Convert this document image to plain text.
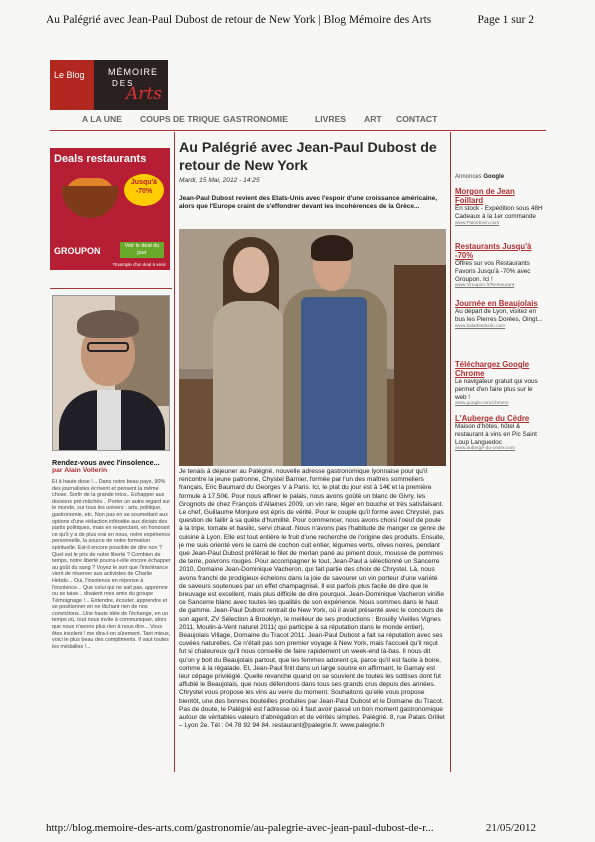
Au Palégrié avec Jean-Paul Dubost de retour de New York | Blog Mémoire des Arts	Page 1 sur 2
Le Blog	MÉMOIRE
DES
Arts
A LA UNE COUPS DE TRIQUE GASTRONOMIE	LIVRES ART CONTACT
Deals restaurants
Jusqu'à -70%
GROUPON	Voir le deal du jour
*Exemple d'un deal à venir
Rendez-vous avec l'insolence...
par Alain Vollerin
Et à haute dose !... Dans notre beau pays, 90% des journalistes écrivent et pensent la même chose. Sortir de la grande intox.. Echapper aux dossiers pré-mâchés... Porter un autre regard sur le monde, sur tous les univers : arts, politique, gastronomie, etc. Non pas en se soumettant aux options d'une rédaction inféodée aux dictats des partis politiques, mais en respectant, en honorant ce qu'il y a de plus vrai en nous, notre expérience personnelle, la source de notre formation spirituelle. Est-il encore possible de dire non ? Quel est le prix de notre liberté ? Combien de temps, notre liberté pourra-t-elle encore échapper au goût du sang ? Voyez le sort que l'intolérance vient de réserver aux activistes de Charlie Hebdo... Oui, l'insolence en réponse à l'insolence... Que celui qui ne sait pas, apprenne ou se taise... disaient mes amis du groupe Témoignage !... Entendre, écouter, apprendre et se positionner en ne lâchant rien de nos convictions...Une haute idée de l'échange, en un temps où, tout nous invite à communiquer, alors que nous n'avons plus rien à nous dire... Vous êtes insolent ! me dira-t-on sûrement. Tant mieux, voici le plus beau des compliments. Il vaut toutes les médailles !...
Au Palégrié avec Jean-Paul Dubost de retour de New York
Mardi, 15 Mai, 2012 - 14:25
Jean-Paul Dubost revient des Etats-Unis avec l'espoir d'une croissance américaine, alors que l'Europe craint de s'effondrer devant les incohérences de la Grèce...
Je tenais à déjeuner au Palégrié, nouvelle adresse gastronomique lyonnaise pour qu'il rencontre la jeune patronne, Chystel Barnier, formée par l'un des maîtres sommeliers français, Eric Baumard du Georges V à Paris. Ici, le plat du jour est à 14€ et la première formule à 17,50€. Pour nous affiner le palais, nous avons goûté un blanc de Givry, les Grognots de chez François d'Allaines 2009, un vin rare, léger en bouche et très satisfaisant. Le chef, Guillaume Monjure est épris de vérité. Pour le couple qu'il forme avec Chrystel, pas question de faillir à sa quête d'humilité. Pour commencer, nous avons choisi l'oeuf de poule à la tripe, tomate et basilic, servi chaud. Nous n'avons pas l'habitude de manger ce genre de cuisine à Lyon. Elle est tout entière le fruit d'une recherche de l'origine des produits. Ensuite, je me suis orienté vers le carré de cochon cuit entier, légumes verts, olives noires, pendant que Jean-Paul Dubost préférait le filet de merlan pané au piment doux, mousse de pommes de terre, poivrons rouges. Pour accompagner le tout, Jean-Paul a sélectionné un Sancerre 2010, Domaine Jean-Dominique Vacheron, qui fait partie des choix de Chrystel. Là, nous avons franchi de prodigieux échelons dans la joie de savourer un vin porteur d'une variété de saveurs soutenues par un effet champagnisé. Il est parfois plus facile de dire que le breuvage est excellent, mais plus difficile de dire pourquoi. Jean-Dominique Vacheron vinifie ce Sancerre blanc avec toutes les qualités de son expérience. Nous sommes dans le haut de gamme. Jean-Paul Dubost rentrait de New York, où il avait présenté avec le concours de son agent, ZV Sélection à Brooklyn, le meilleur de ses productions : Brouilly Vieilles Vignes 2011, Moulin-à-Vent naturel 2011( qui participe à sa réputation dans le monde entier), Beaujolais Village, Domaine du Tracot 2011. Jean-Paul Dubost a fait sa réputation avec ses cuvées naturelles. Ce n'était pas son premier voyage à New York, mais l'accueil qu'il reçut fut si chaleureux qu'il nous conseille de faire rapidement un week-end là-bas. Il nous dit qu'on y boit du Beaujolais partout, que les femmes adorent ça, parce qu'il est facile à boire, comme à la régalade. Et, Jean-Paul finit dans un large sourire en affirmant, le Gamay est leur cépage privilégié. Quelle revanche quand on se souvient de toutes les sottises dont fut affublé le Beaujolais, que nous défendons dans tous ses grands crus depuis des années. Chrystel vous propose les vins au verre du moment. Souhaitons qu'elle vous propose bientôt, une des bonnes bouteilles produites par Jean-Paul Dubost et le Domaine du Tracot. Pas de doute, le Palégrié est l'adresse où il faut avoir passé un bon moment gastronomique autour de véritables valeurs d'abnégation et de vérités simples. Palégrié. 8, rue Palais Grillet – Lyon 2e. Tél : 04 78 92 94 84. restaurant@palegrie.fr. www.palegrie.fr
Annonces Google
Morgon de Jean Foillard
En stock - Expédition sous 48H Cadeaux à la 1er commande
www.Planetovin.com
Restaurants Jusqu'à -70%
Offres sur vos Restaurants Favoris Jusqu'à -70% avec Groupon. Ici !
www.Groupon.fr/Restaurant
Journée en Beaujolais
Au départ de Lyon, visitez en bus les Pierres Dorées, Oingt...
www.baladesduvin.com
Téléchargez Google Chrome
Le navigateur gratuit qui vous permet d'en faire plus sur le web !
www.google.com/chrome
L'Auberge du Cèdre
Maison d'hôtes, hôtel & restaurant à vins en Pic Saint Loup Languedoc
www.auberge-du-cedre.com
http://blog.memoire-des-arts.com/gastronomie/au-palegrie-avec-jean-paul-dubost-de-r...	21/05/2012
